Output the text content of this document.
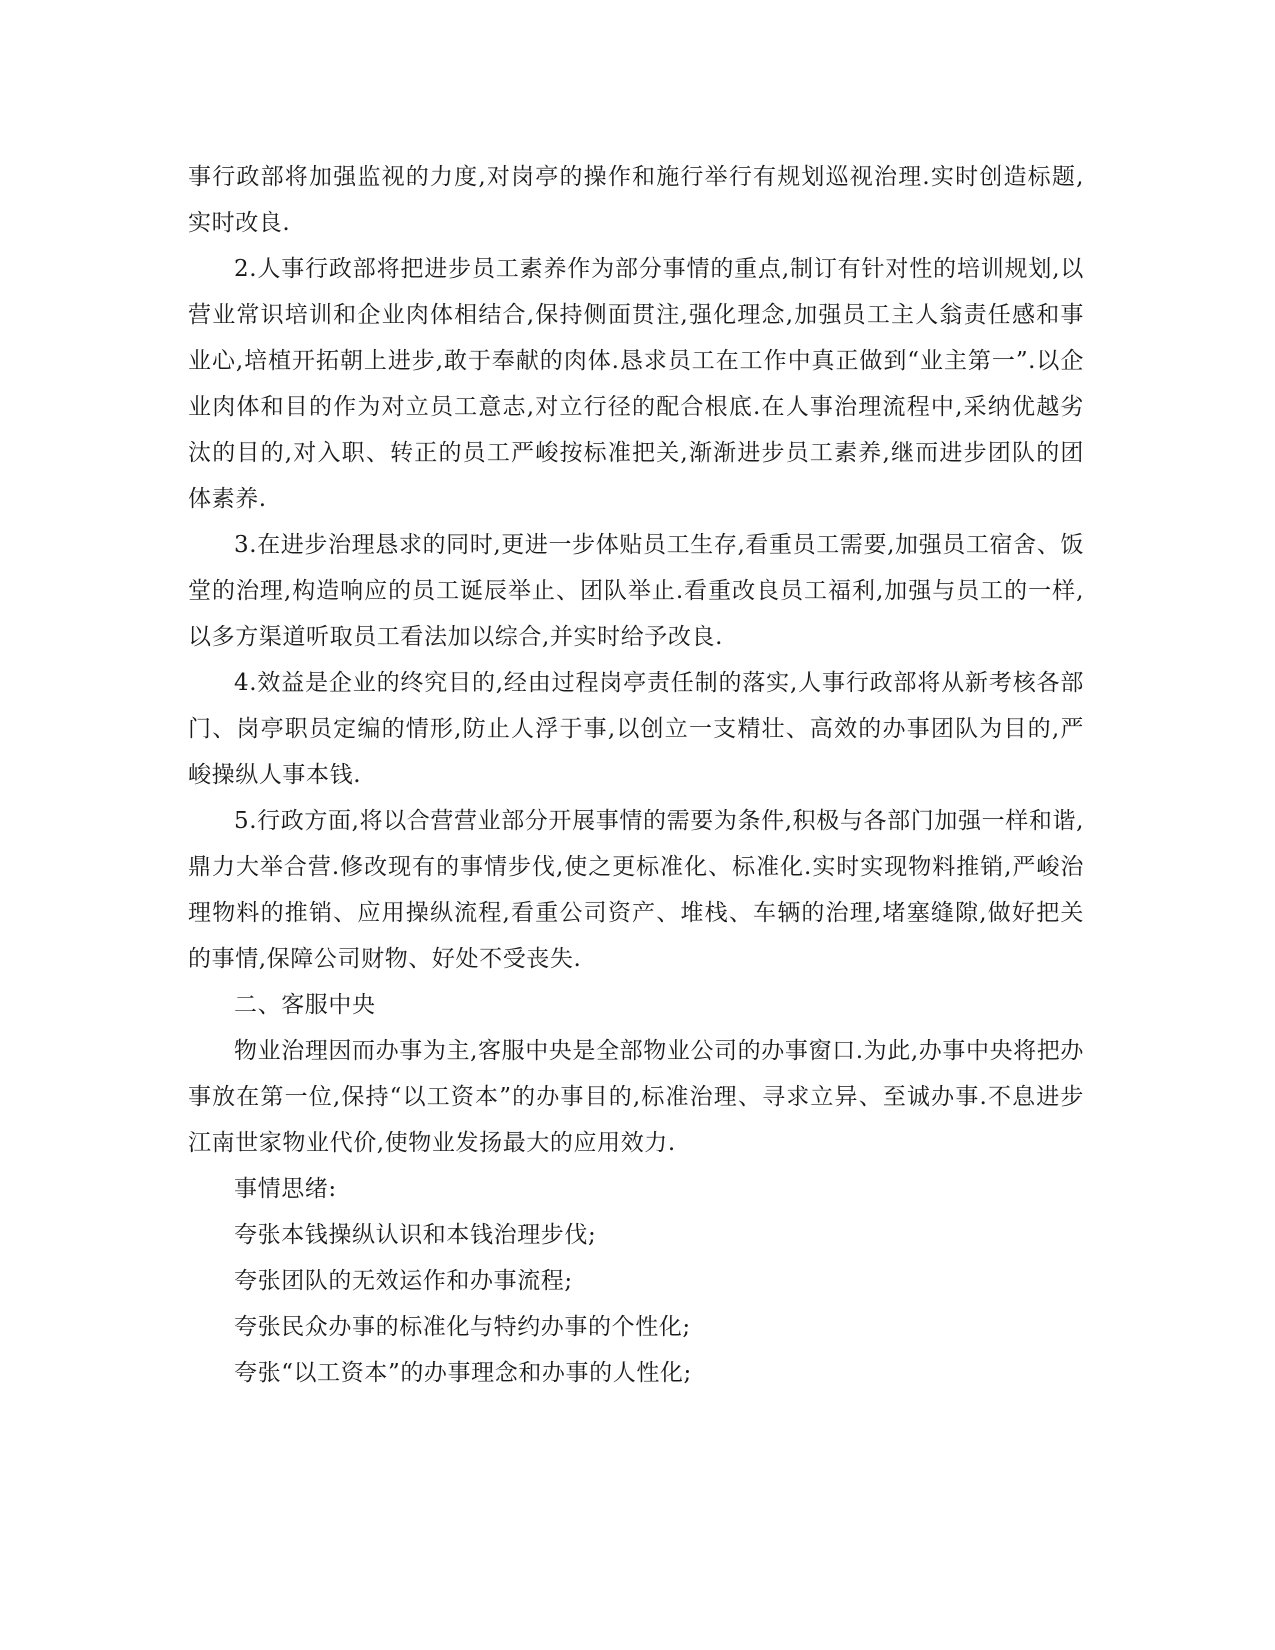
事行政部将加强监视的力度,对岗亭的操作和施行举行有规划巡视治理.实时创造标题,实时改良.

2.人事行政部将把进步员工素养作为部分事情的重点,制订有针对性的培训规划,以营业常识培训和企业肉体相结合,保持侧面贯注,强化理念,加强员工主人翁责任感和事业心,培植开拓朝上进步,敢于奉献的肉体.恳求员工在工作中真正做到“业主第一”.以企业肉体和目的作为对立员工意志,对立行径的配合根底.在人事治理流程中,采纳优越劣汰的目的,对入职、转正的员工严峻按标准把关,渐渐进步员工素养,继而进步团队的团体素养.

3.在进步治理恳求的同时,更进一步体贴员工生存,看重员工需要,加强员工宿舍、饭堂的治理,构造响应的员工诞辰举止、团队举止.看重改良员工福利,加强与员工的一样,以多方渠道听取员工看法加以综合,并实时给予改良.

4.效益是企业的终究目的,经由过程岗亭责任制的落实,人事行政部将从新考核各部门、岗亭职员定编的情形,防止人浮于事,以创立一支精壮、高效的办事团队为目的,严峻操纵人事本钱.

5.行政方面,将以合营营业部分开展事情的需要为条件,积极与各部门加强一样和谐,鼎力大举合营.修改现有的事情步伐,使之更标准化、标准化.实时实现物料推销,严峻治理物料的推销、应用操纵流程,看重公司资产、堆栈、车辆的治理,堵塞缝隙,做好把关的事情,保障公司财物、好处不受丧失.

二、客服中央

物业治理因而办事为主,客服中央是全部物业公司的办事窗口.为此,办事中央将把办事放在第一位,保持“以工资本”的办事目的,标准治理、寻求立异、至诚办事.不息进步江南世家物业代价,使物业发扬最大的应用效力.

事情思绪:

夸张本钱操纵认识和本钱治理步伐;

夸张团队的无效运作和办事流程;

夸张民众办事的标准化与特约办事的个性化;

夸张“以工资本”的办事理念和办事的人性化;
